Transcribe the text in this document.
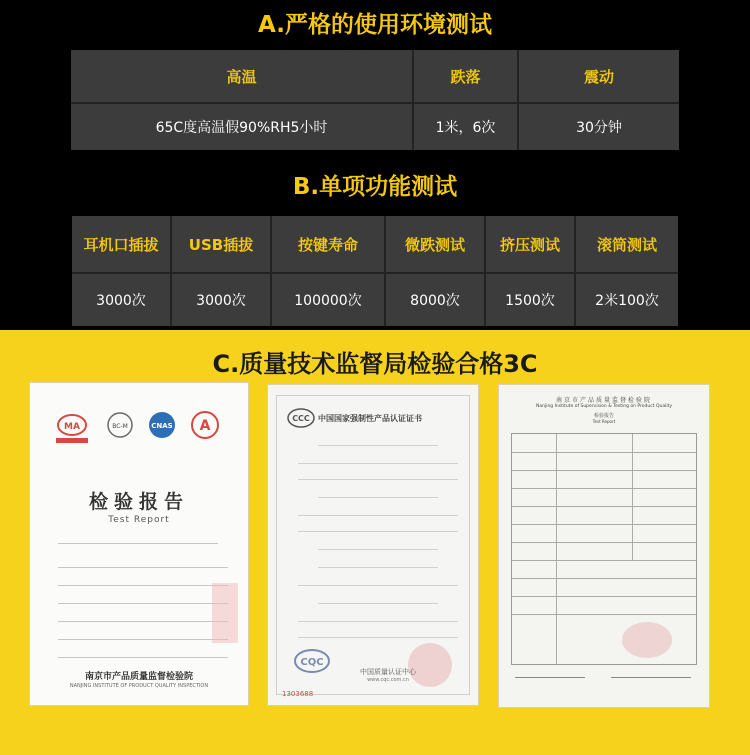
A.严格的使用环境测试
高温	跌落	震动
65C度高温假90%RH5小时	1米，6次	30分钟
B.单项功能测试
耳机口插拔	USB插拔	按键寿命	微跌测试	挤压测试	滚筒测试
3000次	3000次	100000次	8000次	1500次	2米100次
C.质量技术监督局检验合格3C
MA	BC-M	CNAS A
检验报告
Test Report
南京市产品质量监督检验院
NANJING INSTITUTE OF PRODUCT QUALITY INSPECTION
CCC 中国国家强制性产品认证证书
CQC
中国质量认证中心
www.cqc.com.cn
1303688
南京市产品质量监督检验院
Nanjing Institute of Supervision & Testing on Product Quality
检验报告
Test Report
